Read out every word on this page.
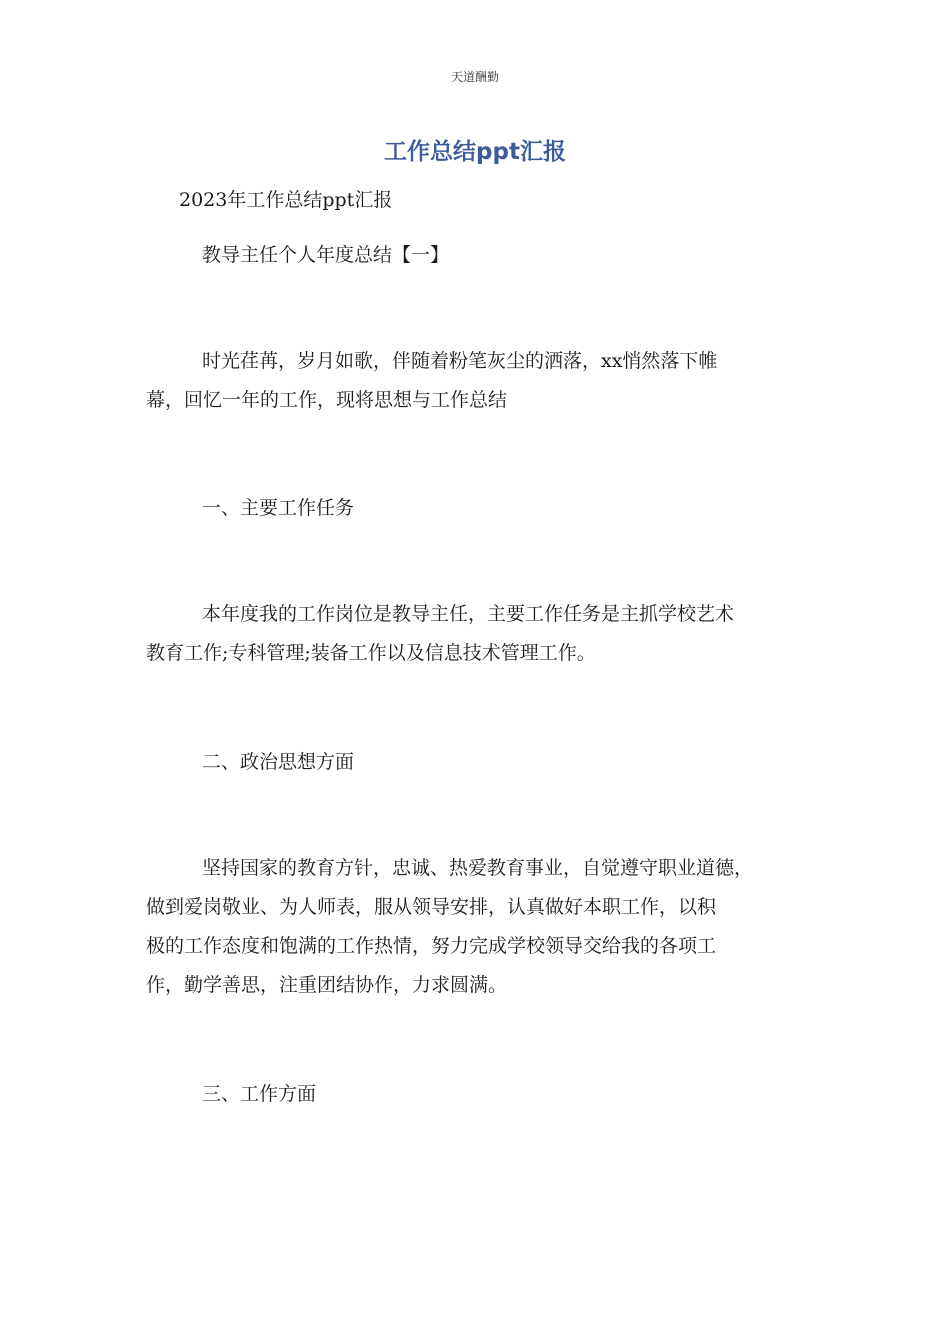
天道酬勤
工作总结ppt汇报
2023年工作总结ppt汇报
教导主任个人年度总结【一】

时光荏苒，岁月如歌，伴随着粉笔灰尘的洒落，xx悄然落下帷

幕，回忆一年的工作，现将思想与工作总结

一、主要工作任务

本年度我的工作岗位是教导主任，主要工作任务是主抓学校艺术

教育工作;专科管理;装备工作以及信息技术管理工作。

二、政治思想方面

坚持国家的教育方针，忠诚、热爱教育事业，自觉遵守职业道德，

做到爱岗敬业、为人师表，服从领导安排，认真做好本职工作，以积

极的工作态度和饱满的工作热情，努力完成学校领导交给我的各项工

作，勤学善思，注重团结协作，力求圆满。

三、工作方面
